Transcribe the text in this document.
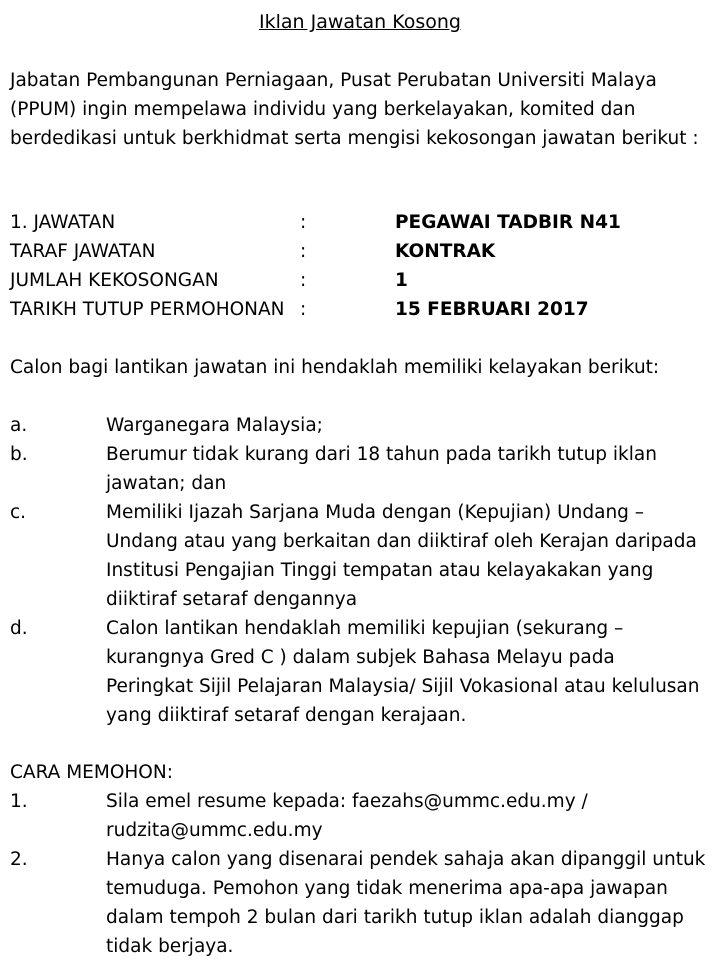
Iklan Jawatan Kosong

Jabatan Pembangunan Perniagaan, Pusat Perubatan Universiti Malaya (PPUM) ingin mempelawa individu yang berkelayakan, komited dan berdedikasi untuk berkhidmat serta mengisi kekosongan jawatan berikut :

1. JAWATAN	:	PEGAWAI TADBIR N41
TARAF JAWATAN	:	KONTRAK
JUMLAH KEKOSONGAN	:	1
TARIKH TUTUP PERMOHONAN :	15 FEBRUARI 2017
Calon bagi lantikan jawatan ini hendaklah memiliki kelayakan berikut:
a.	Warganegara Malaysia;
b.	Berumur tidak kurang dari 18 tahun pada tarikh tutup iklan jawatan; dan
c.	Memiliki Ijazah Sarjana Muda dengan (Kepujian) Undang – Undang atau yang berkaitan dan diiktiraf oleh Kerajan daripada Institusi Pengajian Tinggi tempatan atau kelayakakan yang diiktiraf setaraf dengannya
d.	Calon lantikan hendaklah memiliki kepujian (sekurang – kurangnya Gred C ) dalam subjek Bahasa Melayu pada Peringkat Sijil Pelajaran Malaysia/ Sijil Vokasional atau kelulusan yang diiktiraf setaraf dengan kerajaan.
CARA MEMOHON:
1.	Sila emel resume kepada: faezahs@ummc.edu.my / rudzita@ummc.edu.my
2.	Hanya calon yang disenarai pendek sahaja akan dipanggil untuk temuduga. Pemohon yang tidak menerima apa-apa jawapan dalam tempoh 2 bulan dari tarikh tutup iklan adalah dianggap tidak berjaya.
